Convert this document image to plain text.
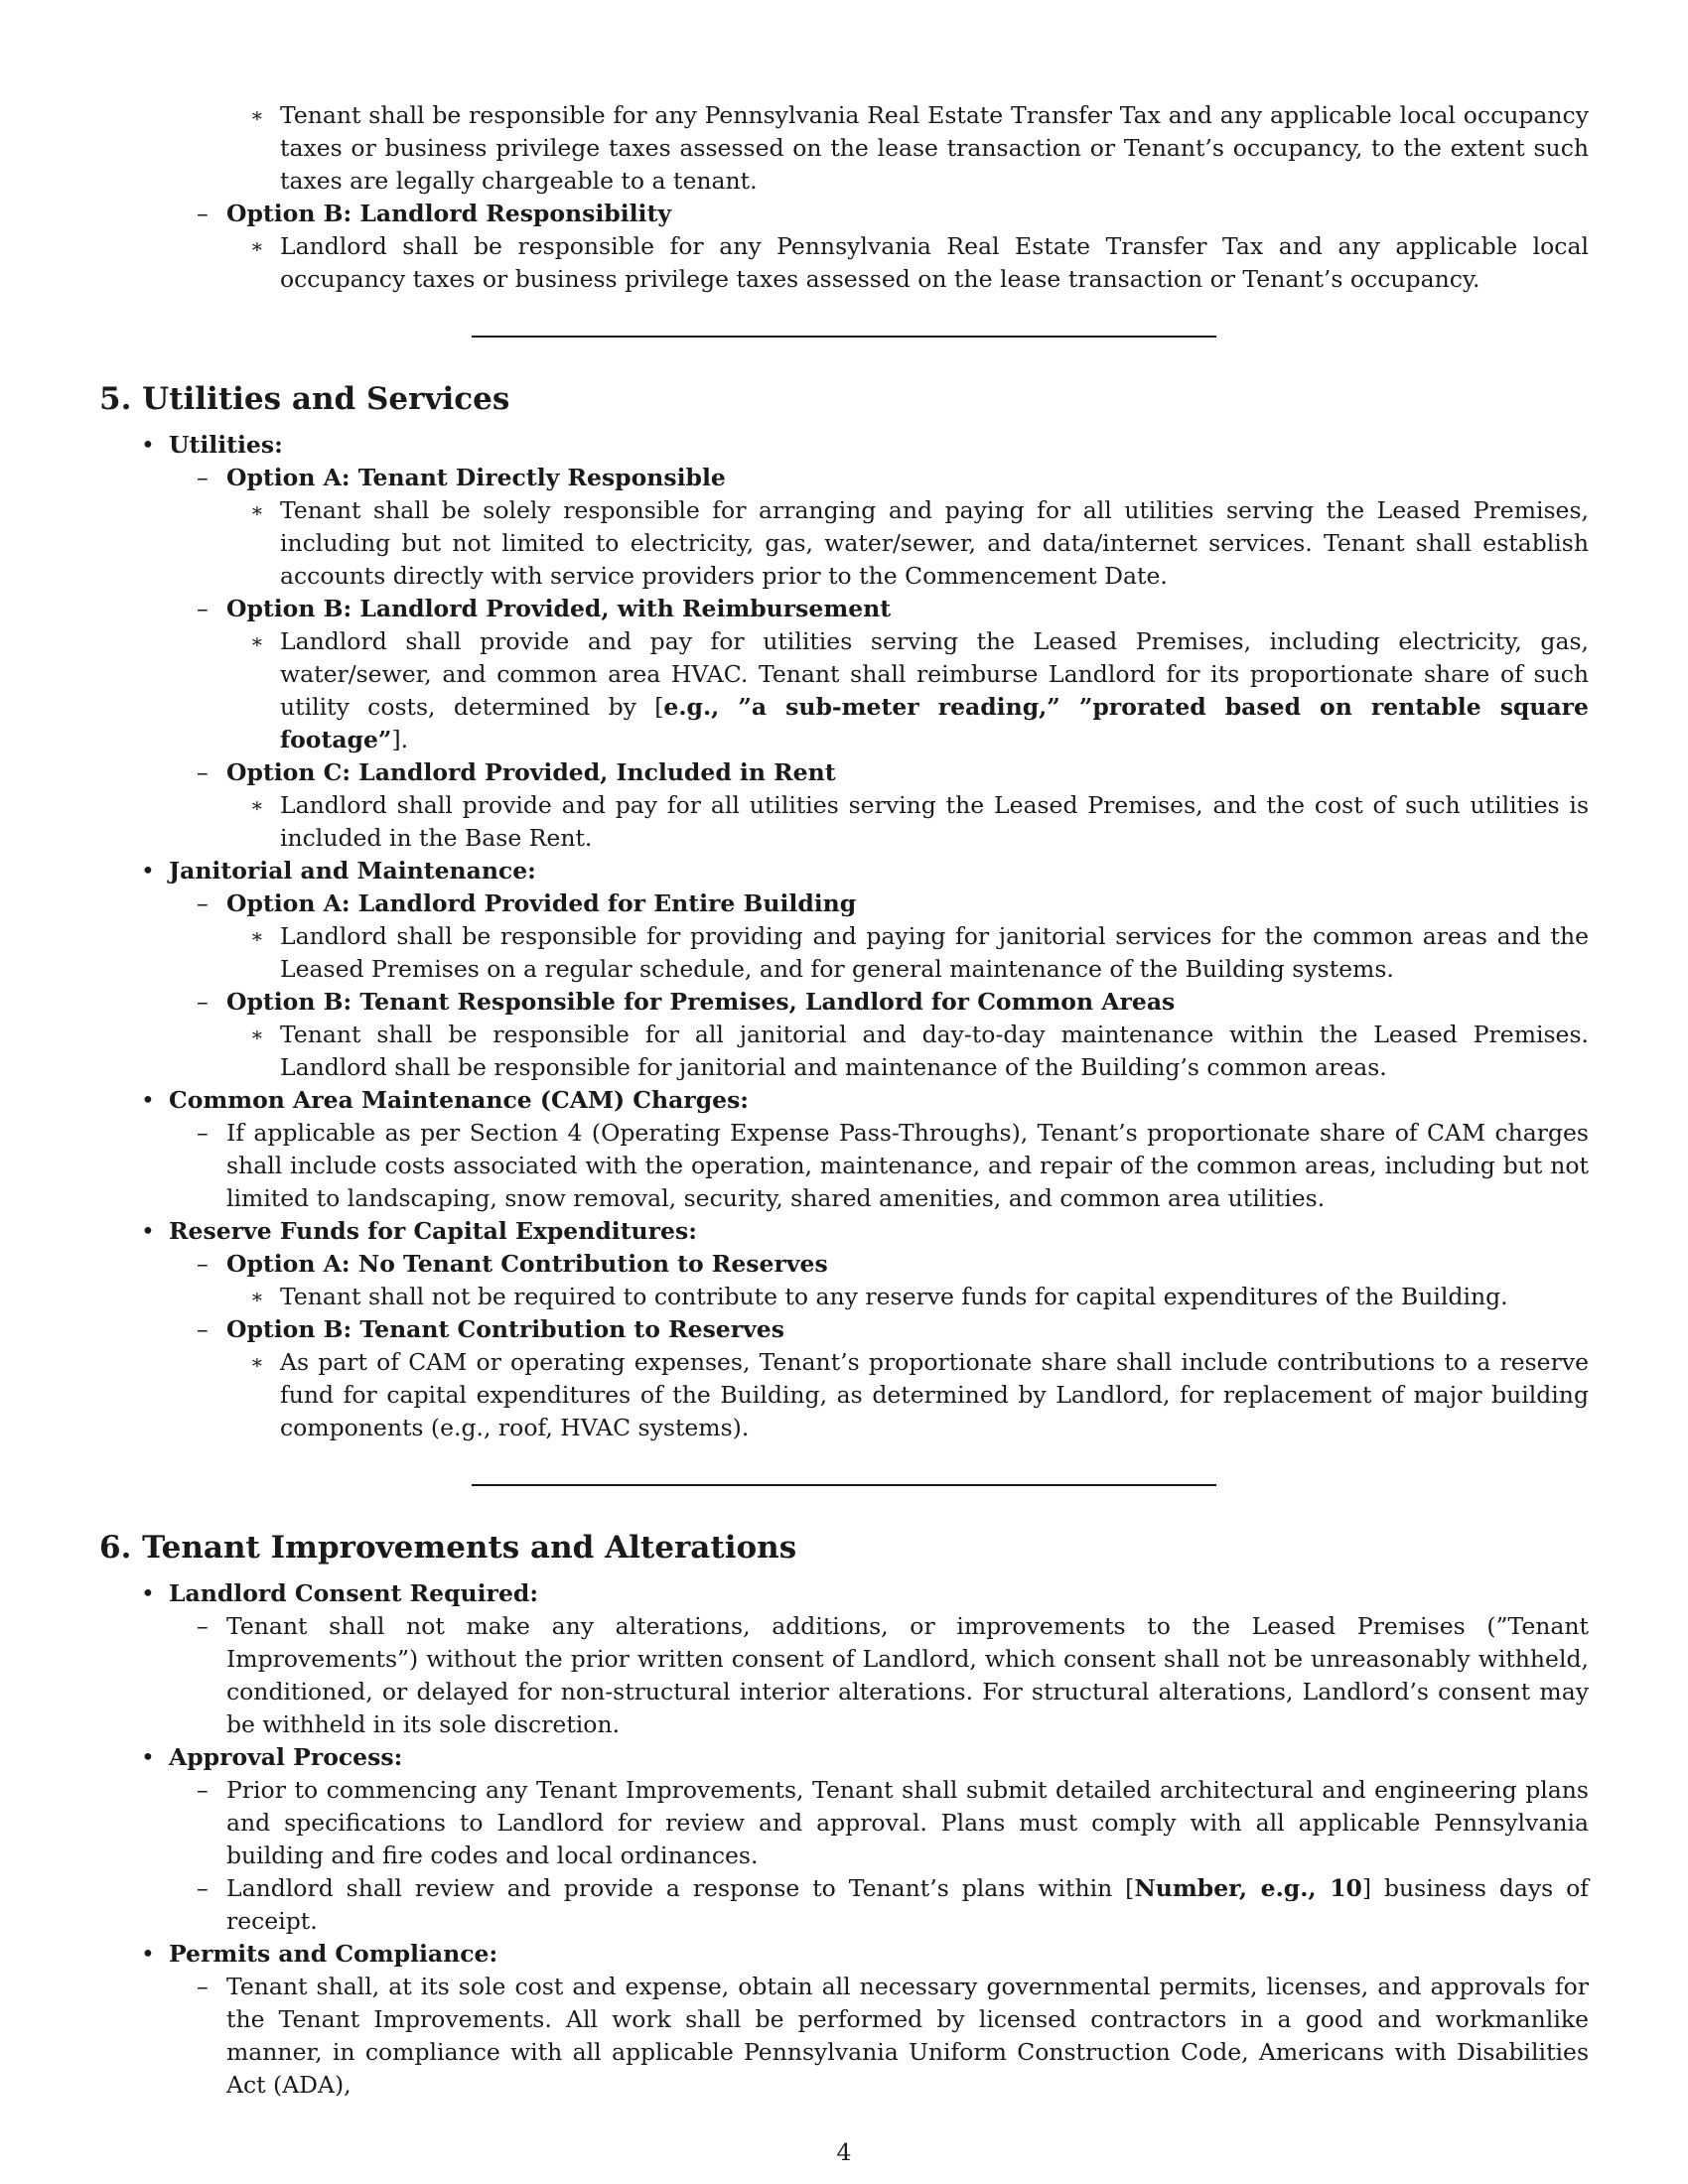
∗ Tenant shall be responsible for any Pennsylvania Real Estate Transfer Tax and any applicable local occupancy taxes or business privilege taxes assessed on the lease transaction or Tenant’s occupancy, to the extent such taxes are legally chargeable to a tenant.
– Option B: Landlord Responsibility
∗ Landlord shall be responsible for any Pennsylvania Real Estate Transfer Tax and any applicable local occupancy taxes or business privilege taxes assessed on the lease transaction or Tenant’s occupancy.
5. Utilities and Services
• Utilities:
– Option A: Tenant Directly Responsible
∗ Tenant shall be solely responsible for arranging and paying for all utilities serving the Leased Premises, including but not limited to electricity, gas, water/sewer, and data/internet services. Tenant shall establish accounts directly with service providers prior to the Commencement Date.
– Option B: Landlord Provided, with Reimbursement
∗ Landlord shall provide and pay for utilities serving the Leased Premises, including electricity, gas, water/sewer, and common area HVAC. Tenant shall reimburse Landlord for its proportionate share of such utility costs, determined by [e.g., ”a sub-meter reading,” ”prorated based on rentable square footage”].
– Option C: Landlord Provided, Included in Rent
∗ Landlord shall provide and pay for all utilities serving the Leased Premises, and the cost of such utilities is included in the Base Rent.
• Janitorial and Maintenance:
– Option A: Landlord Provided for Entire Building
∗ Landlord shall be responsible for providing and paying for janitorial services for the common areas and the Leased Premises on a regular schedule, and for general maintenance of the Building systems.
– Option B: Tenant Responsible for Premises, Landlord for Common Areas
∗ Tenant shall be responsible for all janitorial and day-to-day maintenance within the Leased Premises. Landlord shall be responsible for janitorial and maintenance of the Building’s common areas.
• Common Area Maintenance (CAM) Charges:
– If applicable as per Section 4 (Operating Expense Pass-Throughs), Tenant’s proportionate share of CAM charges shall include costs associated with the operation, maintenance, and repair of the common areas, including but not limited to landscaping, snow removal, security, shared amenities, and common area utilities.
• Reserve Funds for Capital Expenditures:
– Option A: No Tenant Contribution to Reserves
∗ Tenant shall not be required to contribute to any reserve funds for capital expenditures of the Building.
– Option B: Tenant Contribution to Reserves
∗ As part of CAM or operating expenses, Tenant’s proportionate share shall include contributions to a reserve fund for capital expenditures of the Building, as determined by Landlord, for replacement of major building components (e.g., roof, HVAC systems).
6. Tenant Improvements and Alterations
• Landlord Consent Required:
– Tenant shall not make any alterations, additions, or improvements to the Leased Premises (”Tenant Improvements”) without the prior written consent of Landlord, which consent shall not be unreasonably withheld, conditioned, or delayed for non-structural interior alterations. For structural alterations, Landlord’s consent may be withheld in its sole discretion.
• Approval Process:
– Prior to commencing any Tenant Improvements, Tenant shall submit detailed architectural and engineering plans and specifications to Landlord for review and approval. Plans must comply with all applicable Pennsylvania building and fire codes and local ordinances.
– Landlord shall review and provide a response to Tenant’s plans within [Number, e.g., 10] business days of receipt.
• Permits and Compliance:
– Tenant shall, at its sole cost and expense, obtain all necessary governmental permits, licenses, and approvals for the Tenant Improvements. All work shall be performed by licensed contractors in a good and workmanlike manner, in compliance with all applicable Pennsylvania Uniform Construction Code, Americans with Disabilities Act (ADA),
4
